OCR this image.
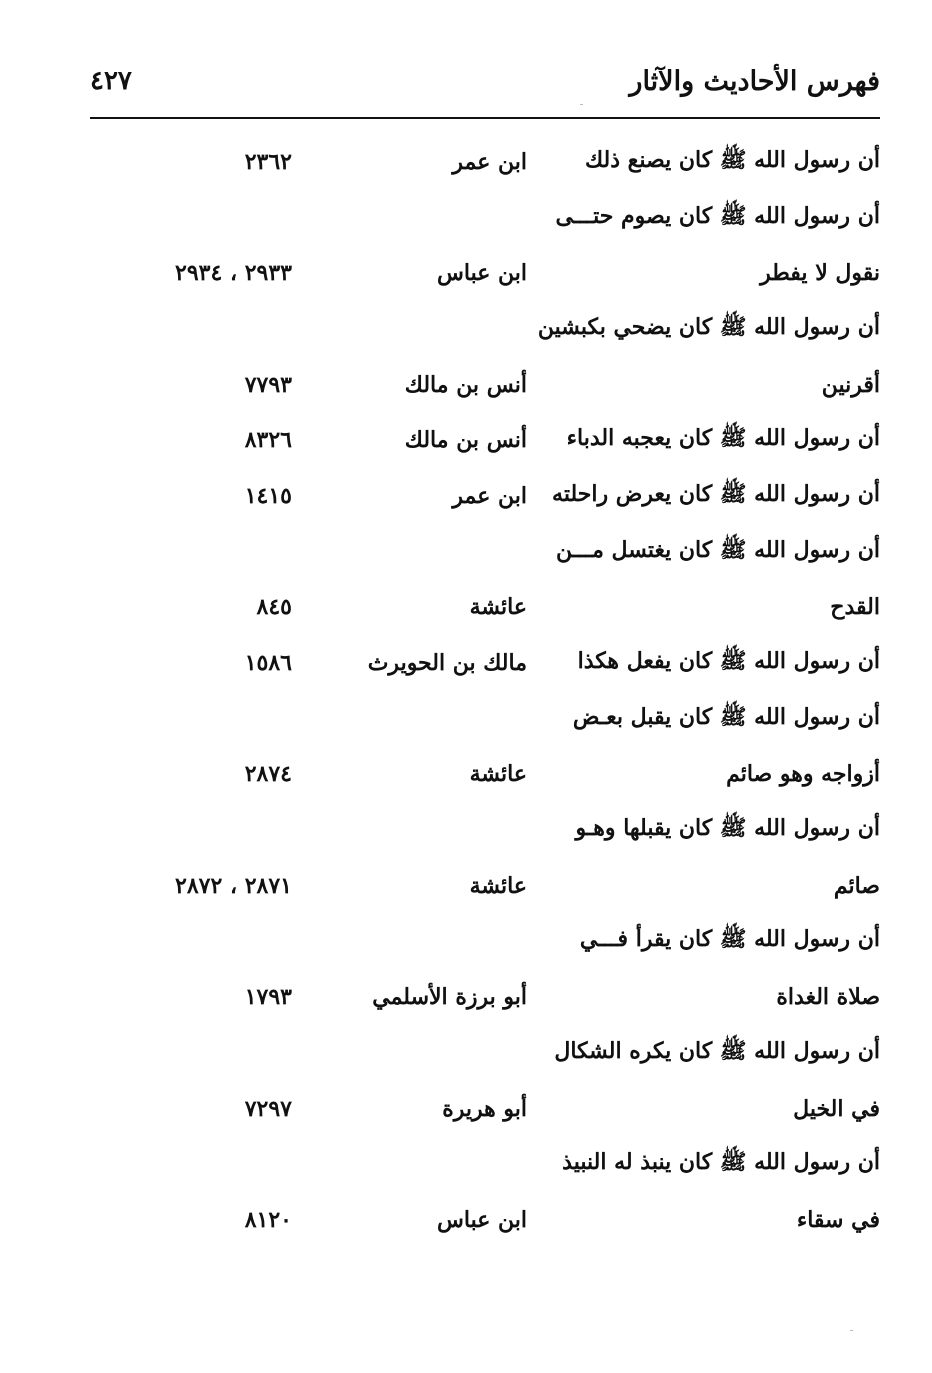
فهرس الأحاديث والآثار
٤٢٧
أن رسول الله ﷺ كان يصنع ذلك
ابن عمر
٢٣٦٢
أن رسول الله ﷺ كان يصوم حتـــى
نقول لا يفطر
ابن عباس
٢٩٣٣ ، ٢٩٣٤
أن رسول الله ﷺ كان يضحي بكبشين
أقرنين
أنس بن مالك
٧٧٩٣
أن رسول الله ﷺ كان يعجبه الدباء
أنس بن مالك
٨٣٢٦
أن رسول الله ﷺ كان يعرض راحلته
ابن عمر
١٤١٥
أن رسول الله ﷺ كان يغتسل مـــن
القدح
عائشة
٨٤٥
أن رسول الله ﷺ كان يفعل هكذا
مالك بن الحويرث
١٥٨٦
أن رسول الله ﷺ كان يقبل بعـض
أزواجه وهو صائم
عائشة
٢٨٧٤
أن رسول الله ﷺ كان يقبلها وهـو
صائم
عائشة
٢٨٧١ ، ٢٨٧٢
أن رسول الله ﷺ كان يقرأ فـــي
صلاة الغداة
أبو برزة الأسلمي
١٧٩٣
أن رسول الله ﷺ كان يكره الشكال
في الخيل
أبو هريرة
٧٢٩٧
أن رسول الله ﷺ كان ينبذ له النبيذ
في سقاء
ابن عباس
٨١٢٠
